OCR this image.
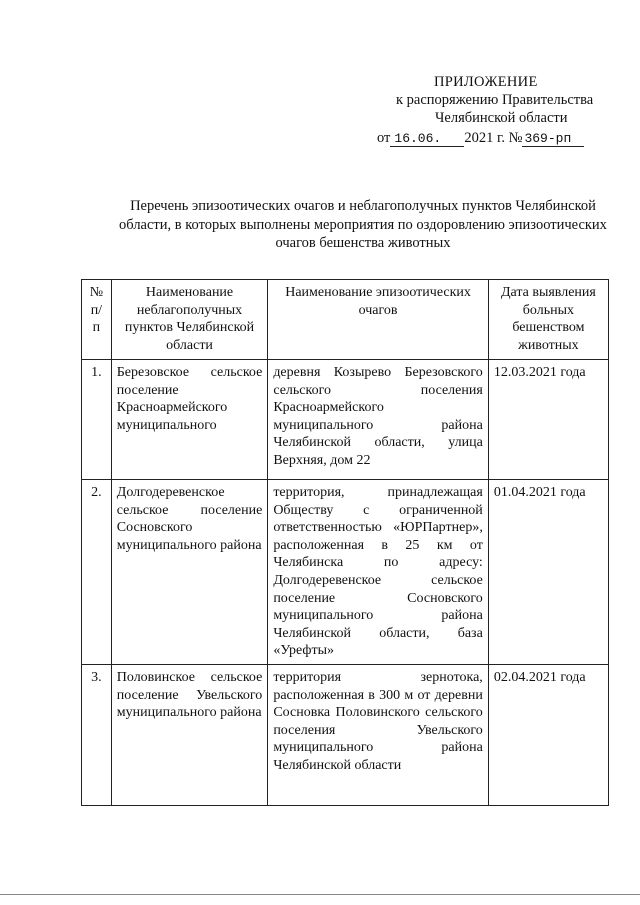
ПРИЛОЖЕНИЕ
к распоряжению Правительства
Челябинской области
от 16.06. 2021 г. № 369-рп
Перечень эпизоотических очагов и неблагополучных пунктов Челябинской области, в которых выполнены мероприятия по оздоровлению эпизоотических очагов бешенства животных
№ п/п	Наименование неблагополучных пунктов Челябинской области	Наименование эпизоотических очагов	Дата выявления больных бешенством животных
1.	Березовское сельское поселение Красноармейского муниципального	деревня Козырево Березовского сельского поселения Красноармейского муниципального района Челябинской области, улица Верхняя, дом 22	12.03.2021 года
2.	Долгодеревенское сельское поселение Сосновского муниципального района	территория, принадлежащая Обществу с ограниченной ответственностью «ЮРПартнер», расположенная в 25 км от Челябинска по адресу: Долгодеревенское сельское поселение Сосновского муниципального района Челябинской области, база «Урефты»	01.04.2021 года
3.	Половинское сельское поселение Увельского муниципального района	территория зернотока, расположенная в 300 м от деревни Сосновка Половинского сельского поселения Увельского муниципального района Челябинской области	02.04.2021 года
